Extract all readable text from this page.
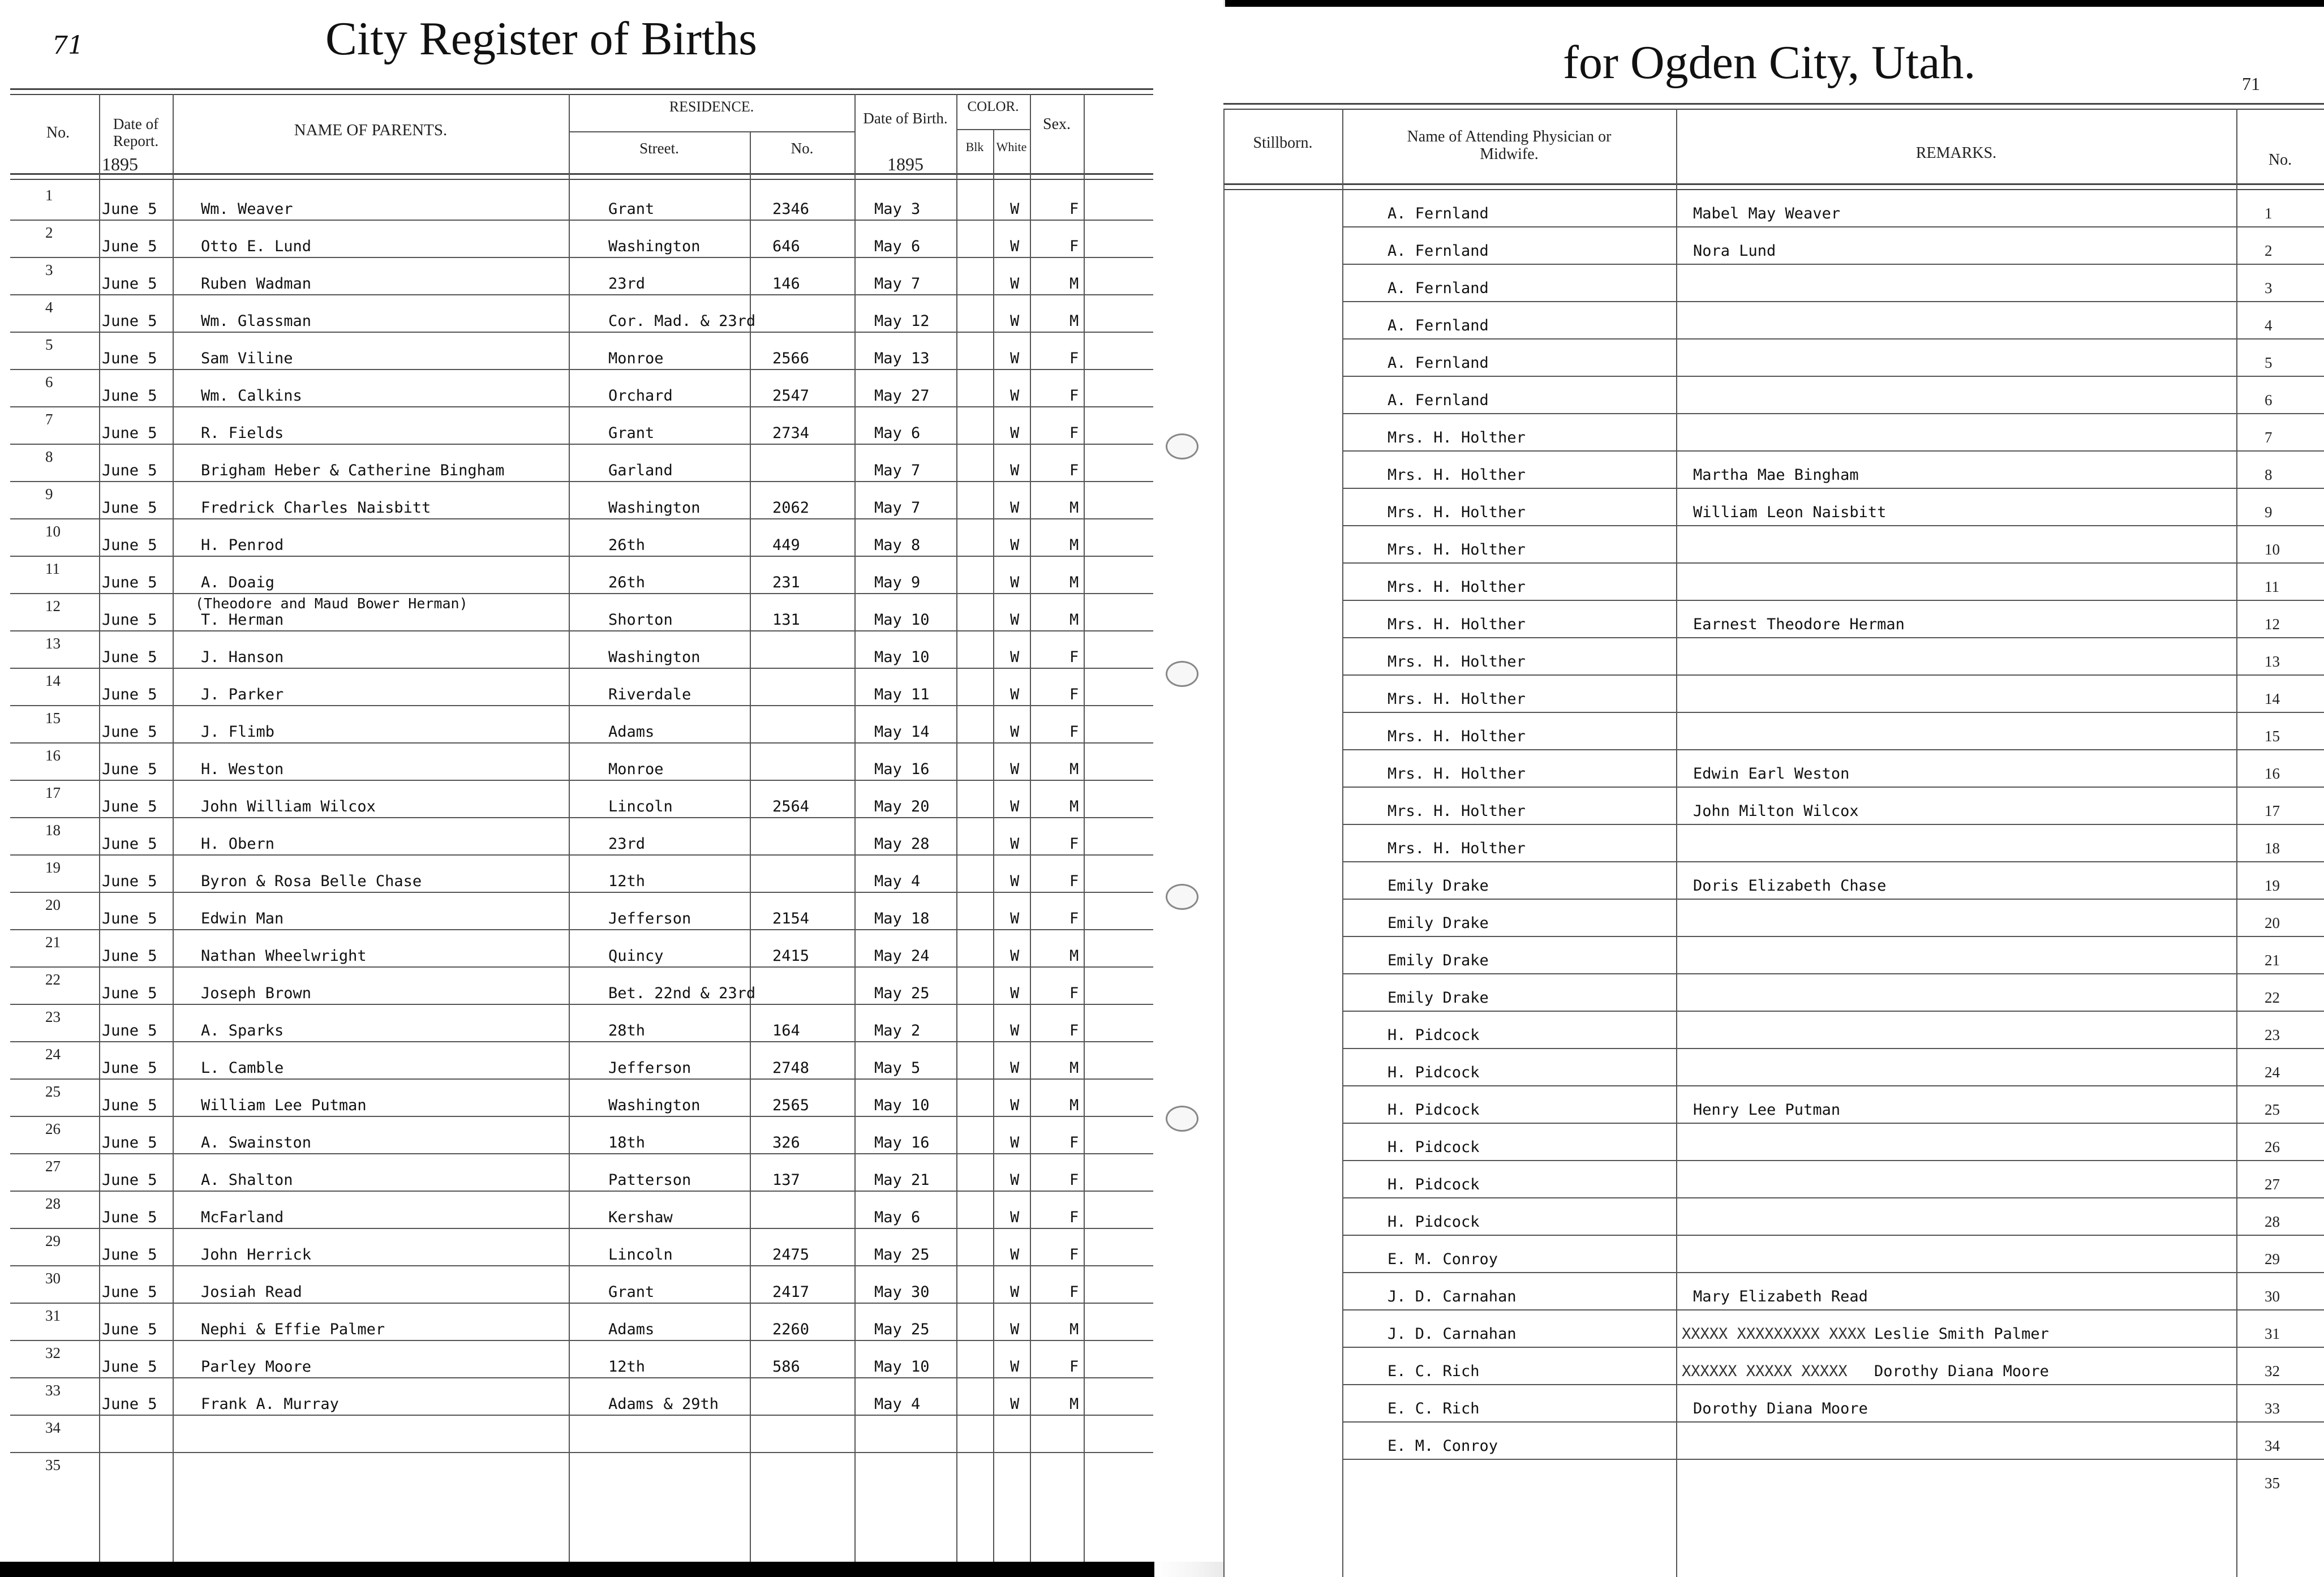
71	City Register of Births
No.	Date of Report.
1895
NAME OF PARENTS.
RESIDENCE.
Street.	No.
Date of Birth.
1895
COLOR.
Blk	White
Sex.
1
June 5	Wm. Weaver	Grant	2346	May 3	W	F
2
June 5	Otto E. Lund	Washington	646	May 6	W	F
3
June 5	Ruben Wadman	23rd	146	May 7	W	M
4
June 5	Wm. Glassman	Cor. Mad. & 23rd	May 12	W	M
5
June 5	Sam Viline	Monroe	2566	May 13	W	F
6
June 5	Wm. Calkins	Orchard	2547	May 27	W	F
7
June 5	R. Fields	Grant	2734	May 6	W	F
8
June 5	Brigham Heber & Catherine Bingham	Garland	May 7	W	F
9
June 5	Fredrick Charles Naisbitt	Washington	2062	May 7	W	M
10
June 5	H. Penrod	26th	449	May 8	W	M
11
June 5	A. Doaig	26th	231	May 9	W	M
12
June 5
(Theodore and Maud Bower Herman)
T. Herman	Shorton	131	May 10	W	M
13
June 5	J. Hanson	Washington	May 10	W	F
14
June 5	J. Parker	Riverdale	May 11	W	F
15
June 5	J. Flimb	Adams	May 14	W	F
16
June 5	H. Weston	Monroe	May 16	W	M
17
June 5	John William Wilcox	Lincoln	2564	May 20	W	M
18
June 5	H. Obern	23rd	May 28	W	F
19
June 5	Byron & Rosa Belle Chase	12th	May 4	W	F
20
June 5	Edwin Man	Jefferson	2154	May 18	W	F
21
June 5	Nathan Wheelwright	Quincy	2415	May 24	W	M
22
June 5	Joseph Brown	Bet. 22nd & 23rd	May 25	W	F
23
June 5	A. Sparks	28th	164	May 2	W	F
24
June 5	L. Camble	Jefferson	2748	May 5	W	M
25
June 5	William Lee Putman	Washington	2565	May 10	W	M
26
June 5	A. Swainston	18th	326	May 16	W	F
27
June 5	A. Shalton	Patterson	137	May 21	W	F
28
June 5	McFarland	Kershaw	May 6	W	F
29
June 5	John Herrick	Lincoln	2475	May 25	W	F
30
June 5	Josiah Read	Grant	2417	May 30	W	F
31
June 5	Nephi & Effie Palmer	Adams	2260	May 25	W	M
32
June 5	Parley Moore	12th	586	May 10	W	F
33
June 5	Frank A. Murray	Adams & 29th	May 4	W	M
34
35
for Ogden City, Utah.	71
Stillborn.	Name of Attending Physician or Midwife.	REMARKS.	No.
A. Fernland	Mabel May Weaver	1
A. Fernland	Nora Lund	2
A. Fernland	3
A. Fernland	4
A. Fernland	5
A. Fernland	6
Mrs. H. Holther	7
Mrs. H. Holther	Martha Mae Bingham	8
Mrs. H. Holther	William Leon Naisbitt	9
Mrs. H. Holther	10
Mrs. H. Holther	11
Mrs. H. Holther	Earnest Theodore Herman	12
Mrs. H. Holther	13
Mrs. H. Holther	14
Mrs. H. Holther	15
Mrs. H. Holther	Edwin Earl Weston	16
Mrs. H. Holther	John Milton Wilcox	17
Mrs. H. Holther	18
Emily Drake	Doris Elizabeth Chase	19
Emily Drake	20
Emily Drake	21
Emily Drake	22
H. Pidcock	23
H. Pidcock	24
H. Pidcock	Henry Lee Putman	25
H. Pidcock	26
H. Pidcock	27
H. Pidcock	28
E. M. Conroy	29
J. D. Carnahan	Mary Elizabeth Read	30
J. D. Carnahan	XXXXX XXXXXXXXX XXXX Leslie Smith Palmer	31
E. C. Rich	XXXXXX XXXXX XXXXX Dorothy Diana Moore	32
E. C. Rich	Dorothy Diana Moore	33
E. M. Conroy	34
35
